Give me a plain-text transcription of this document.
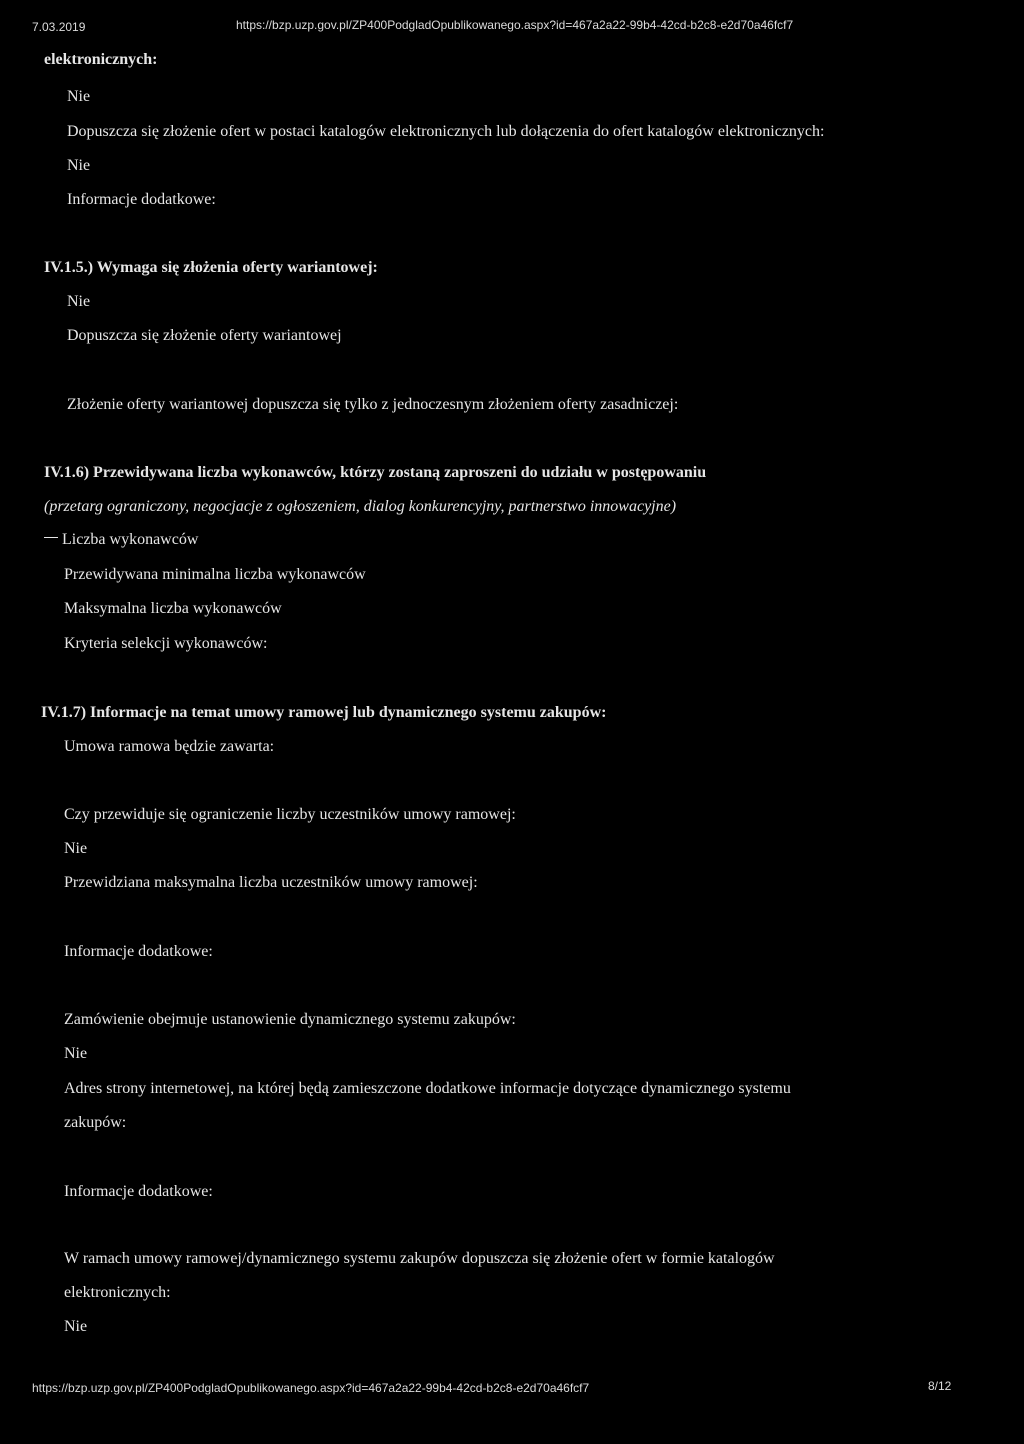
7.03.2019	https://bzp.uzp.gov.pl/ZP400PodgladOpublikowanego.aspx?id=467a2a22-99b4-42cd-b2c8-e2d70a46fcf7
elektronicznych:
Nie
Dopuszcza się złożenie ofert w postaci katalogów elektronicznych lub dołączenia do ofert katalogów elektronicznych:
Nie
Informacje dodatkowe:
IV.1.5.) Wymaga się złożenia oferty wariantowej:
Nie
Dopuszcza się złożenie oferty wariantowej
Złożenie oferty wariantowej dopuszcza się tylko z jednoczesnym złożeniem oferty zasadniczej:
IV.1.6) Przewidywana liczba wykonawców, którzy zostaną zaproszeni do udziału w postępowaniu
(przetarg ograniczony, negocjacje z ogłoszeniem, dialog konkurencyjny, partnerstwo innowacyjne)
Liczba wykonawców
Przewidywana minimalna liczba wykonawców
Maksymalna liczba wykonawców
Kryteria selekcji wykonawców:
IV.1.7) Informacje na temat umowy ramowej lub dynamicznego systemu zakupów:
Umowa ramowa będzie zawarta:
Czy przewiduje się ograniczenie liczby uczestników umowy ramowej:
Nie
Przewidziana maksymalna liczba uczestników umowy ramowej:
Informacje dodatkowe:
Zamówienie obejmuje ustanowienie dynamicznego systemu zakupów:
Nie
Adres strony internetowej, na której będą zamieszczone dodatkowe informacje dotyczące dynamicznego systemu
zakupów:
Informacje dodatkowe:
W ramach umowy ramowej/dynamicznego systemu zakupów dopuszcza się złożenie ofert w formie katalogów
elektronicznych:
Nie
https://bzp.uzp.gov.pl/ZP400PodgladOpublikowanego.aspx?id=467a2a22-99b4-42cd-b2c8-e2d70a46fcf7	8/12
